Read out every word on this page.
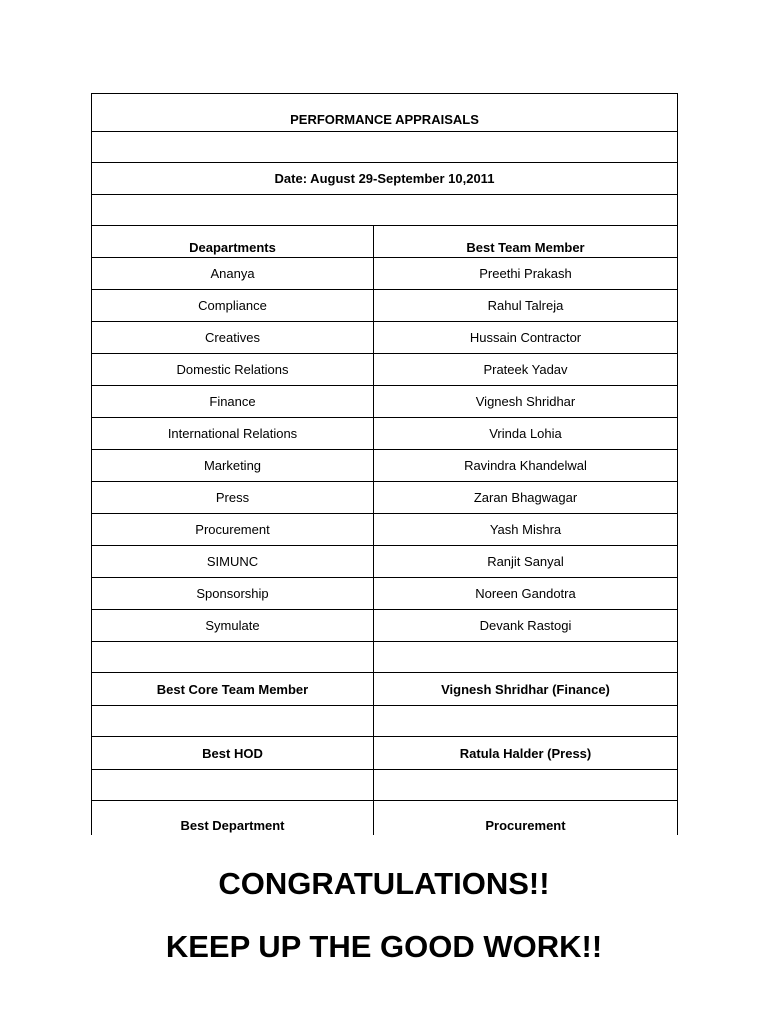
PERFORMANCE APPRAISALS
Date: August 29-September 10,2011
Deapartments	Best Team Member
Ananya	Preethi Prakash
Compliance	Rahul Talreja
Creatives	Hussain Contractor
Domestic Relations	Prateek Yadav
Finance	Vignesh Shridhar
International Relations	Vrinda Lohia
Marketing	Ravindra Khandelwal
Press	Zaran Bhagwagar
Procurement	Yash Mishra
SIMUNC	Ranjit Sanyal
Sponsorship	Noreen Gandotra
Symulate	Devank Rastogi
Best Core Team Member	Vignesh Shridhar (Finance)
Best HOD	Ratula Halder (Press)
Best Department	Procurement
CONGRATULATIONS!!
KEEP UP THE GOOD WORK!!
